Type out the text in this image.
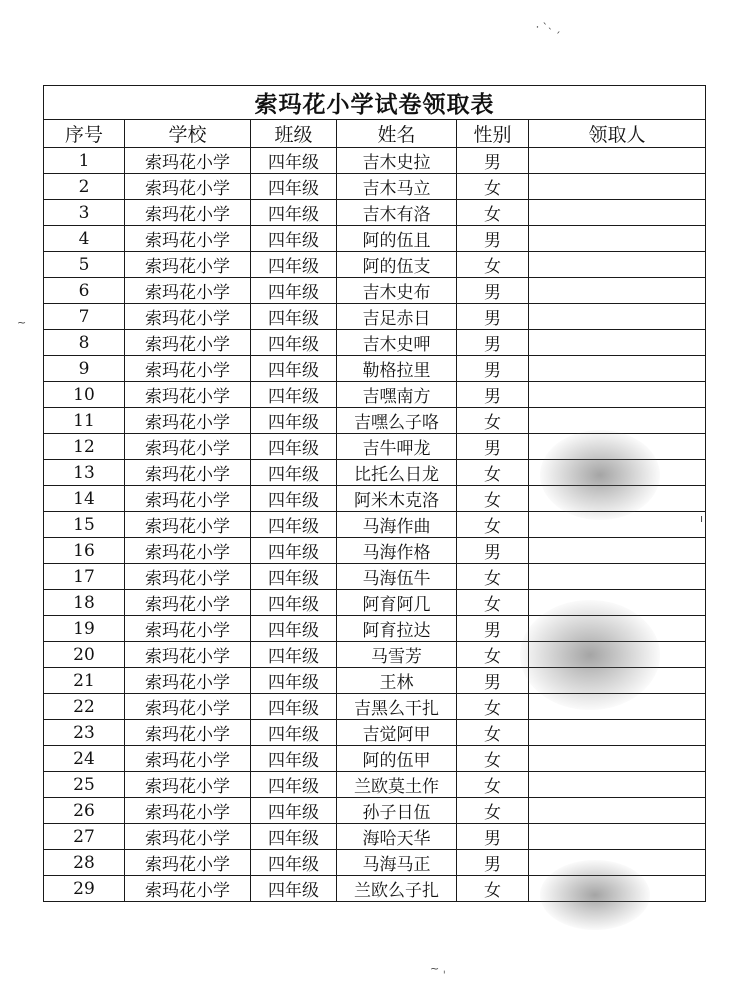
⸱ ˋ˴ ˏ
~ ˌ
ı
~
索玛花小学试卷领取表					
序号	学校	班级	姓名	性别	领取人
1	索玛花小学	四年级	吉木史拉	男	
2	索玛花小学	四年级	吉木马立	女	
3	索玛花小学	四年级	吉木有洛	女	
4	索玛花小学	四年级	阿的伍且	男	
5	索玛花小学	四年级	阿的伍支	女	
6	索玛花小学	四年级	吉木史布	男	
7	索玛花小学	四年级	吉足赤日	男	
8	索玛花小学	四年级	吉木史呷	男	
9	索玛花小学	四年级	勒格拉里	男	
10	索玛花小学	四年级	吉嘿南方	男	
11	索玛花小学	四年级	吉嘿么子咯	女	
12	索玛花小学	四年级	吉牛呷龙	男	
13	索玛花小学	四年级	比托么日龙	女	
14	索玛花小学	四年级	阿米木克洛	女	
15	索玛花小学	四年级	马海作曲	女	
16	索玛花小学	四年级	马海作格	男	
17	索玛花小学	四年级	马海伍牛	女	
18	索玛花小学	四年级	阿育阿几	女	
19	索玛花小学	四年级	阿育拉达	男	
20	索玛花小学	四年级	马雪芳	女	
21	索玛花小学	四年级	王林	男	
22	索玛花小学	四年级	吉黑么干扎	女	
23	索玛花小学	四年级	吉觉阿甲	女	
24	索玛花小学	四年级	阿的伍甲	女	
25	索玛花小学	四年级	兰欧莫土作	女	
26	索玛花小学	四年级	孙子日伍	女	
27	索玛花小学	四年级	海哈天华	男	
28	索玛花小学	四年级	马海马正	男	
29	索玛花小学	四年级	兰欧么子扎	女	
